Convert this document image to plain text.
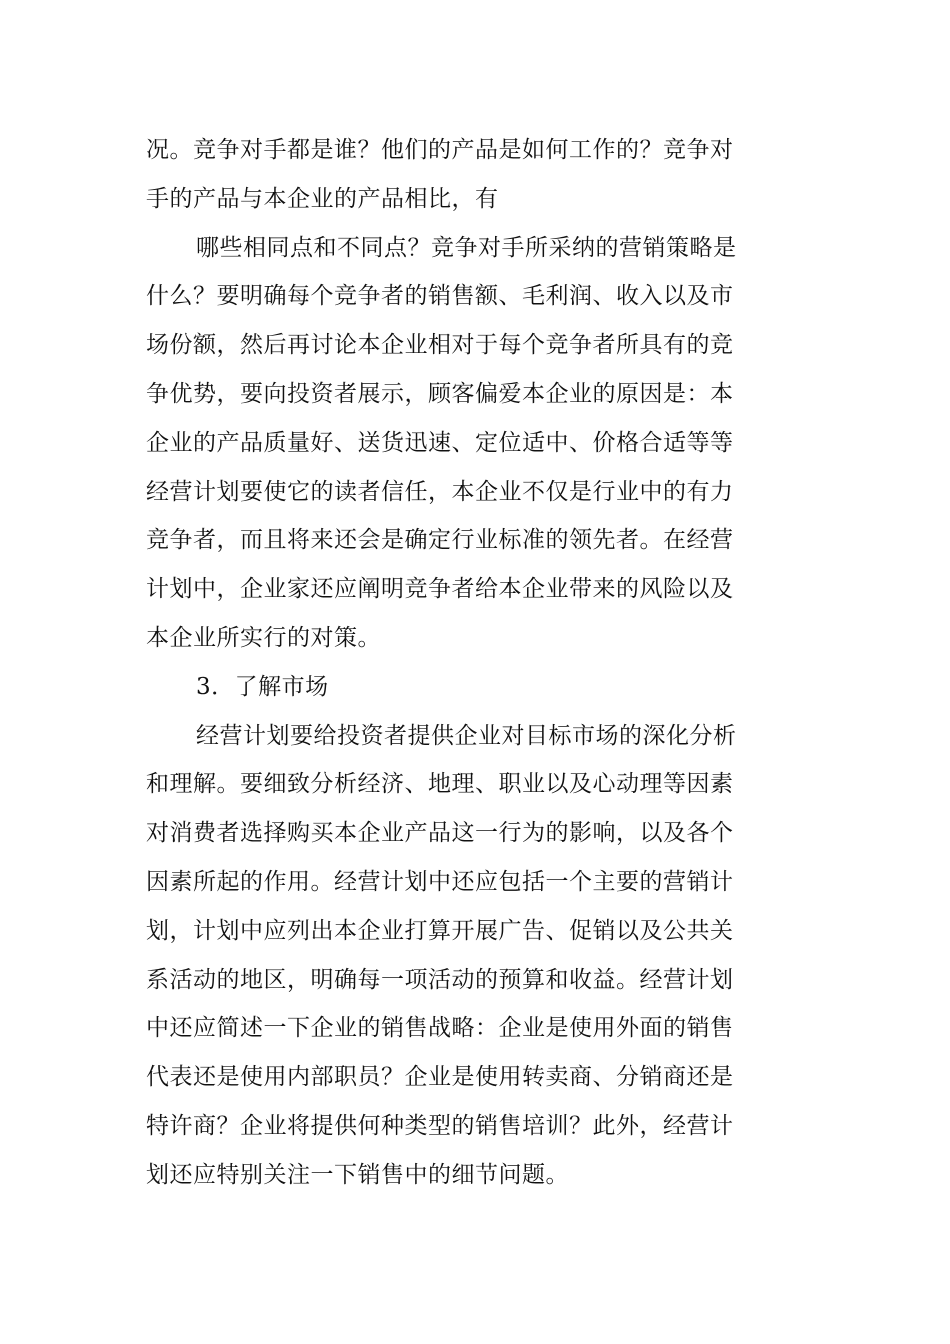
况。竞争对手都是谁？他们的产品是如何工作的？竞争对
手的产品与本企业的产品相比，有
哪些相同点和不同点？竞争对手所采纳的营销策略是
什么？要明确每个竞争者的销售额、毛利润、收入以及市
场份额，然后再讨论本企业相对于每个竞争者所具有的竞
争优势，要向投资者展示，顾客偏爱本企业的原因是：本
企业的产品质量好、送货迅速、定位适中、价格合适等等
经营计划要使它的读者信任，本企业不仅是行业中的有力
竞争者，而且将来还会是确定行业标准的领先者。在经营
计划中，企业家还应阐明竞争者给本企业带来的风险以及
本企业所实行的对策。
3．了解市场
经营计划要给投资者提供企业对目标市场的深化分析
和理解。要细致分析经济、地理、职业以及心动理等因素
对消费者选择购买本企业产品这一行为的影响，以及各个
因素所起的作用。经营计划中还应包括一个主要的营销计
划，计划中应列出本企业打算开展广告、促销以及公共关
系活动的地区，明确每一项活动的预算和收益。经营计划
中还应简述一下企业的销售战略：企业是使用外面的销售
代表还是使用内部职员？企业是使用转卖商、分销商还是
特许商？企业将提供何种类型的销售培训？此外，经营计
划还应特别关注一下销售中的细节问题。
